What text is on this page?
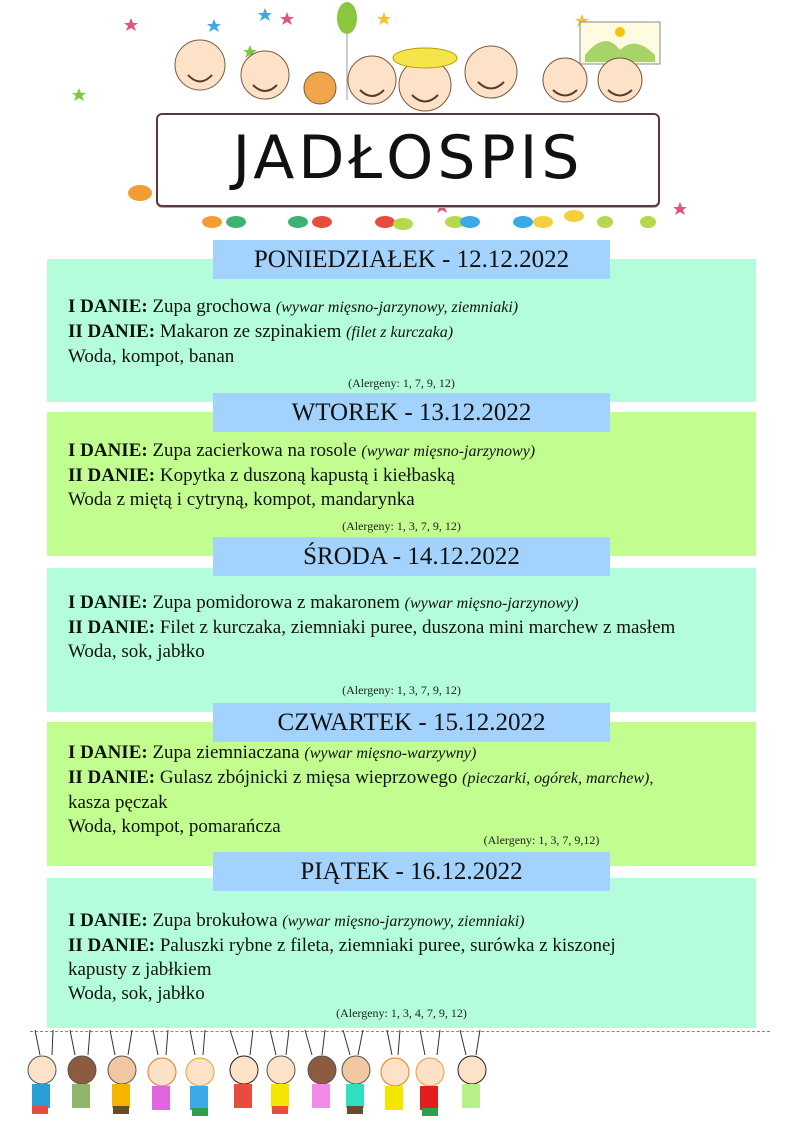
JADŁOSPIS
I DANIE: Zupa grochowa (wywar mięsno-jarzynowy, ziemniaki)
II DANIE: Makaron ze szpinakiem (filet z kurczaka)
Woda, kompot, banan
(Alergeny: 1, 7, 9, 12)
PONIEDZIAŁEK - 12.12.2022
I DANIE: Zupa zacierkowa na rosole (wywar mięsno-jarzynowy)
II DANIE: Kopytka z duszoną kapustą i kiełbaską
Woda z miętą i cytryną, kompot, mandarynka
(Alergeny: 1, 3, 7, 9, 12)
WTOREK - 13.12.2022
I DANIE: Zupa pomidorowa z makaronem (wywar mięsno-jarzynowy)
II DANIE: Filet z kurczaka, ziemniaki puree, duszona mini marchew z masłem
Woda, sok, jabłko
(Alergeny: 1, 3, 7, 9, 12)
ŚRODA - 14.12.2022
I DANIE: Zupa ziemniaczana (wywar mięsno-warzywny)
II DANIE: Gulasz zbójnicki z mięsa wieprzowego (pieczarki, ogórek, marchew),
kasza pęczak
Woda, kompot, pomarańcza
(Alergeny: 1, 3, 7, 9,12)
CZWARTEK - 15.12.2022
I DANIE: Zupa brokułowa (wywar mięsno-jarzynowy, ziemniaki)
II DANIE: Paluszki rybne z fileta, ziemniaki puree, surówka z kiszonej
kapusty z jabłkiem
Woda, sok, jabłko
(Alergeny: 1, 3, 4, 7, 9, 12)
PIĄTEK - 16.12.2022
